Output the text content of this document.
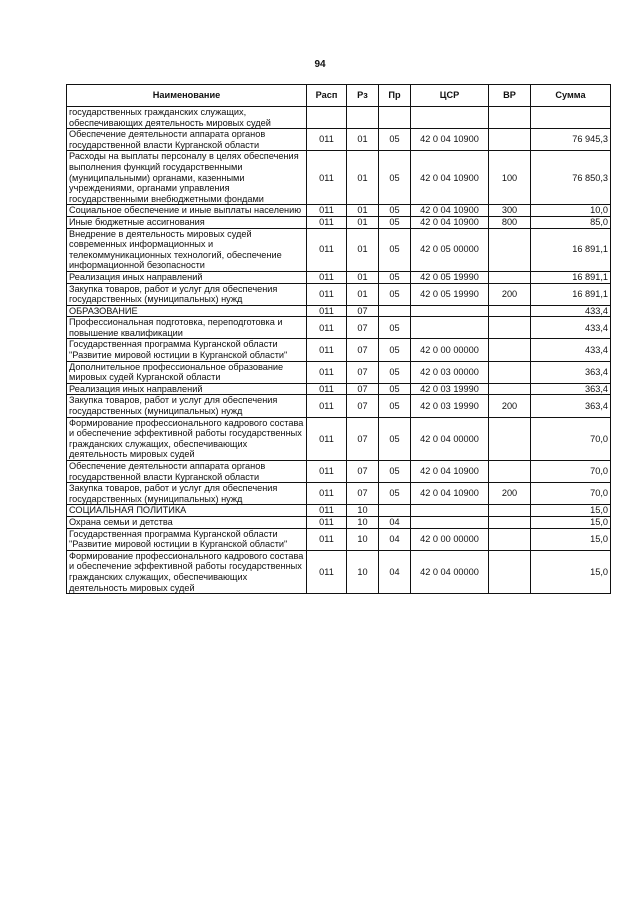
94
Наименование	Расп	Рз	Пр	ЦСР	ВР	Сумма
государственных гражданских служащих, обеспечивающих деятельность мировых судей						
Обеспечение деятельности аппарата органов государственной власти Курганской области	011	01	05	42 0 04 10900		76 945,3
Расходы на выплаты персоналу в целях обеспечения выполнения функций государственными (муниципальными) органами, казенными учреждениями, органами управления государственными внебюджетными фондами	011	01	05	42 0 04 10900	100	76 850,3
Социальное обеспечение и иные выплаты населению	011	01	05	42 0 04 10900	300	10,0
Иные бюджетные ассигнования	011	01	05	42 0 04 10900	800	85,0
Внедрение в деятельность мировых судей современных информационных и телекоммуникационных технологий, обеспечение информационной безопасности	011	01	05	42 0 05 00000		16 891,1
Реализация иных направлений	011	01	05	42 0 05 19990		16 891,1
Закупка товаров, работ и услуг для обеспечения государственных (муниципальных) нужд	011	01	05	42 0 05 19990	200	16 891,1
ОБРАЗОВАНИЕ	011	07				433,4
Профессиональная подготовка, переподготовка и повышение квалификации	011	07	05			433,4
Государственная программа Курганской области "Развитие мировой юстиции в Курганской области"	011	07	05	42 0 00 00000		433,4
Дополнительное профессиональное образование мировых судей Курганской области	011	07	05	42 0 03 00000		363,4
Реализация иных направлений	011	07	05	42 0 03 19990		363,4
Закупка товаров, работ и услуг для обеспечения государственных (муниципальных) нужд	011	07	05	42 0 03 19990	200	363,4
Формирование профессионального кадрового состава и обеспечение эффективной работы государственных гражданских служащих, обеспечивающих деятельность мировых судей	011	07	05	42 0 04 00000		70,0
Обеспечение деятельности аппарата органов государственной власти Курганской области	011	07	05	42 0 04 10900		70,0
Закупка товаров, работ и услуг для обеспечения государственных (муниципальных) нужд	011	07	05	42 0 04 10900	200	70,0
СОЦИАЛЬНАЯ ПОЛИТИКА	011	10				15,0
Охрана семьи и детства	011	10	04			15,0
Государственная программа Курганской области "Развитие мировой юстиции в Курганской области"	011	10	04	42 0 00 00000		15,0
Формирование профессионального кадрового состава и обеспечение эффективной работы государственных гражданских служащих, обеспечивающих деятельность мировых судей	011	10	04	42 0 04 00000		15,0
